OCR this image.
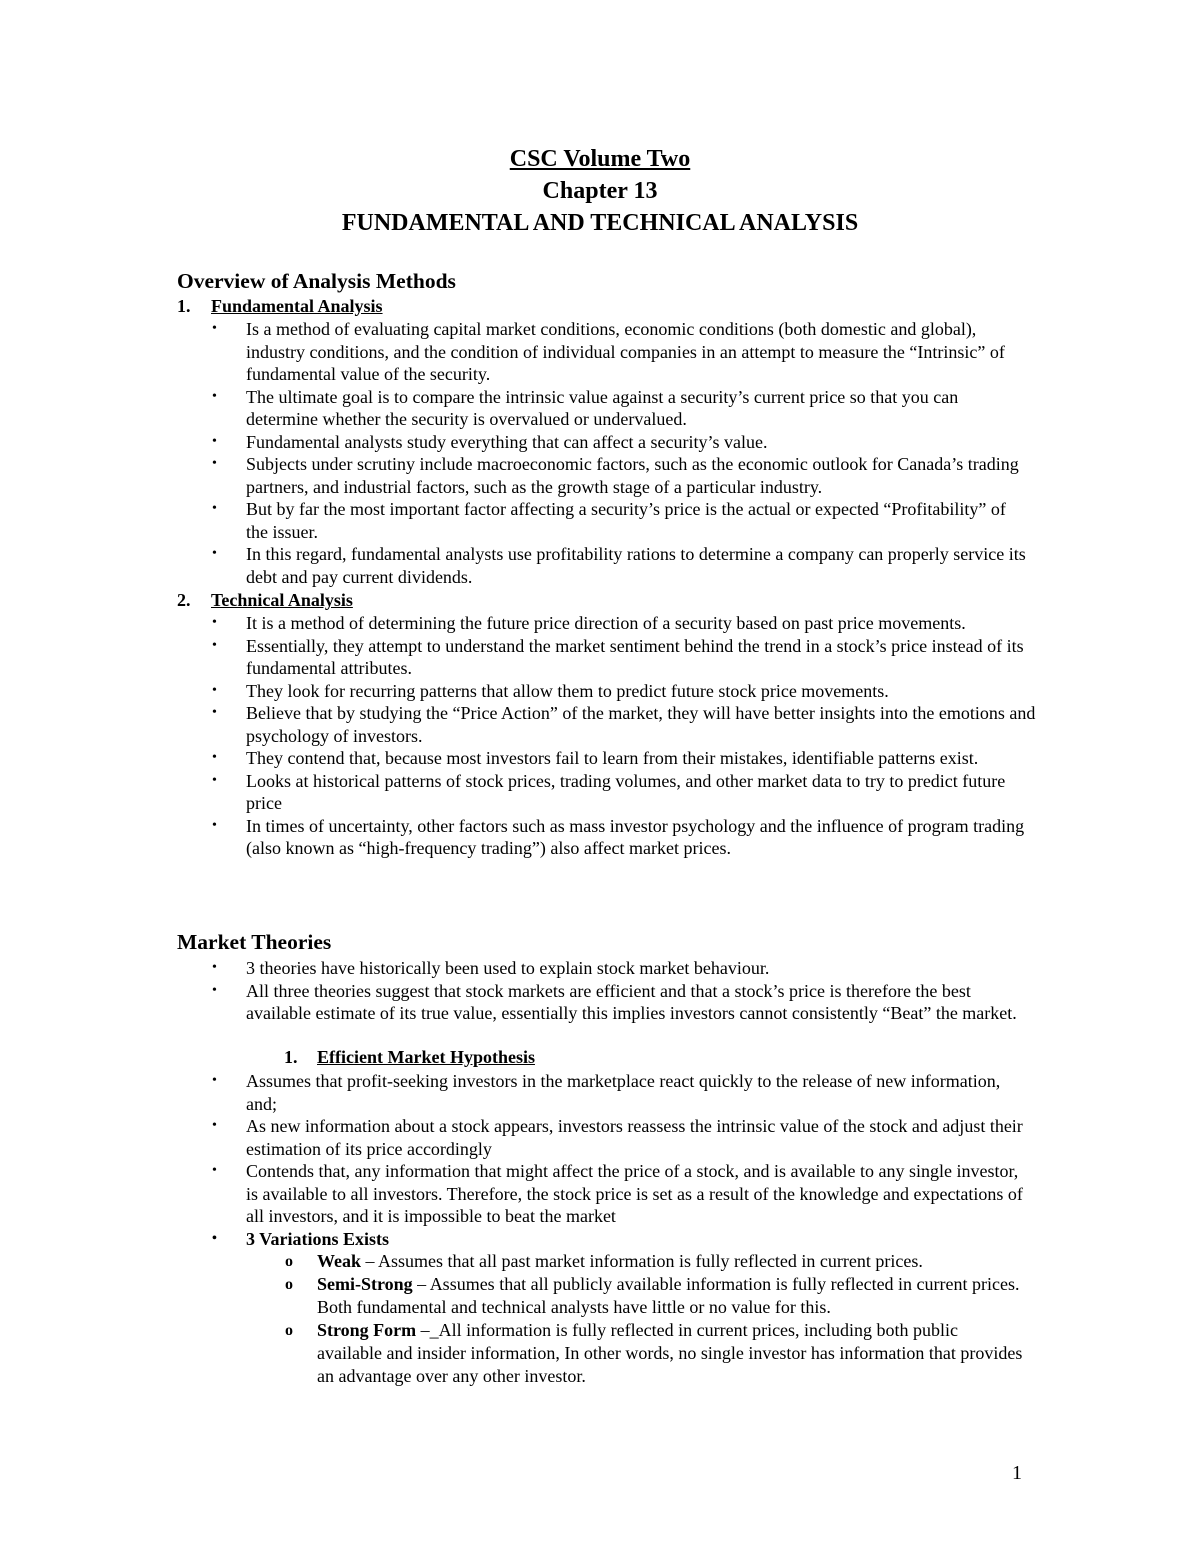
CSC Volume Two
Chapter 13
FUNDAMENTAL AND TECHNICAL ANALYSIS
Overview of Analysis Methods
1. Fundamental Analysis
• Is a method of evaluating capital market conditions, economic conditions (both domestic and global), industry conditions, and the condition of individual companies in an attempt to measure the “Intrinsic” of fundamental value of the security.
• The ultimate goal is to compare the intrinsic value against a security’s current price so that you can determine whether the security is overvalued or undervalued.
• Fundamental analysts study everything that can affect a security’s value.
• Subjects under scrutiny include macroeconomic factors, such as the economic outlook for Canada’s trading partners, and industrial factors, such as the growth stage of a particular industry.
• But by far the most important factor affecting a security’s price is the actual or expected “Profitability” of the issuer.
• In this regard, fundamental analysts use profitability rations to determine a company can properly service its debt and pay current dividends.
2. Technical Analysis
• It is a method of determining the future price direction of a security based on past price movements.
• Essentially, they attempt to understand the market sentiment behind the trend in a stock’s price instead of its fundamental attributes.
• They look for recurring patterns that allow them to predict future stock price movements.
• Believe that by studying the “Price Action” of the market, they will have better insights into the emotions and psychology of investors.
• They contend that, because most investors fail to learn from their mistakes, identifiable patterns exist.
• Looks at historical patterns of stock prices, trading volumes, and other market data to try to predict future price
• In times of uncertainty, other factors such as mass investor psychology and the influence of program trading (also known as “high-frequency trading”) also affect market prices.
Market Theories
• 3 theories have historically been used to explain stock market behaviour.
• All three theories suggest that stock markets are efficient and that a stock’s price is therefore the best available estimate of its true value, essentially this implies investors cannot consistently “Beat” the market.
1. Efficient Market Hypothesis
• Assumes that profit-seeking investors in the marketplace react quickly to the release of new information, and;
• As new information about a stock appears, investors reassess the intrinsic value of the stock and adjust their estimation of its price accordingly
• Contends that, any information that might affect the price of a stock, and is available to any single investor, is available to all investors. Therefore, the stock price is set as a result of the knowledge and expectations of all investors, and it is impossible to beat the market
• 3 Variations Exists
o Weak – Assumes that all past market information is fully reflected in current prices.
o Semi-Strong – Assumes that all publicly available information is fully reflected in current prices. Both fundamental and technical analysts have little or no value for this.
o Strong Form –_All information is fully reflected in current prices, including both public available and insider information, In other words, no single investor has information that provides an advantage over any other investor.
1
